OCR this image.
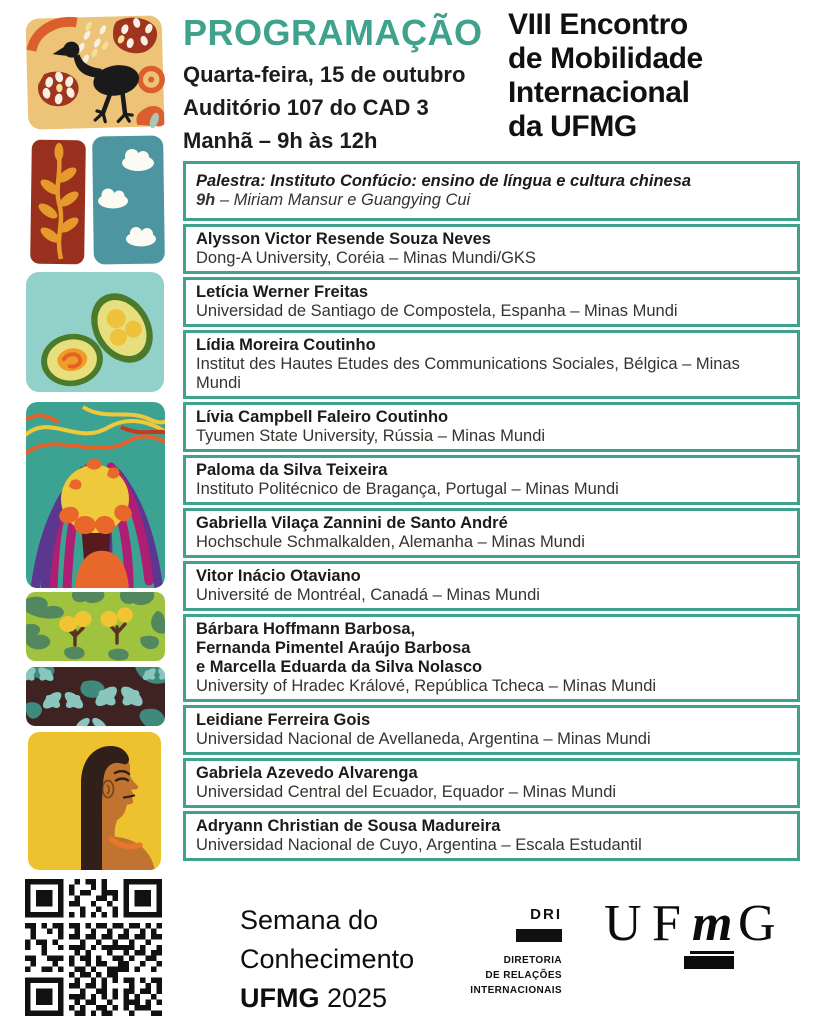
PROGRAMAÇÃO
Quarta-feira, 15 de outubro
Auditório 107 do CAD 3
Manhã – 9h às 12h
VIII Encontro
de Mobilidade
Internacional
da UFMG
Palestra: Instituto Confúcio: ensino de língua e cultura chinesa
9h – Miriam Mansur e Guangying Cui
Alysson Victor Resende Souza Neves
Dong-A University, Coréia – Minas Mundi/GKS
Letícia Werner Freitas
Universidad de Santiago de Compostela, Espanha – Minas Mundi
Lídia Moreira Coutinho
Institut des Hautes Etudes des Communications Sociales, Bélgica – Minas Mundi
Lívia Campbell Faleiro Coutinho
Tyumen State University, Rússia – Minas Mundi
Paloma da Silva Teixeira
Instituto Politécnico de Bragança, Portugal – Minas Mundi
Gabriella Vilaça Zannini de Santo André
Hochschule Schmalkalden, Alemanha – Minas Mundi
Vitor Inácio Otaviano
Université de Montréal, Canadá – Minas Mundi
Bárbara Hoffmann Barbosa,
Fernanda Pimentel Araújo Barbosa
e Marcella Eduarda da Silva Nolasco
University of Hradec Králové, República Tcheca – Minas Mundi
Leidiane Ferreira Gois
Universidad Nacional de Avellaneda, Argentina – Minas Mundi
Gabriela Azevedo Alvarenga
Universidad Central del Ecuador, Equador – Minas Mundi
Adryann Christian de Sousa Madureira
Universidad Nacional de Cuyo, Argentina – Escala Estudantil
Semana do
Conhecimento
UFMG 2025
DRI
DIRETORIA
DE RELAÇÕES
INTERNACIONAIS
U F m G
